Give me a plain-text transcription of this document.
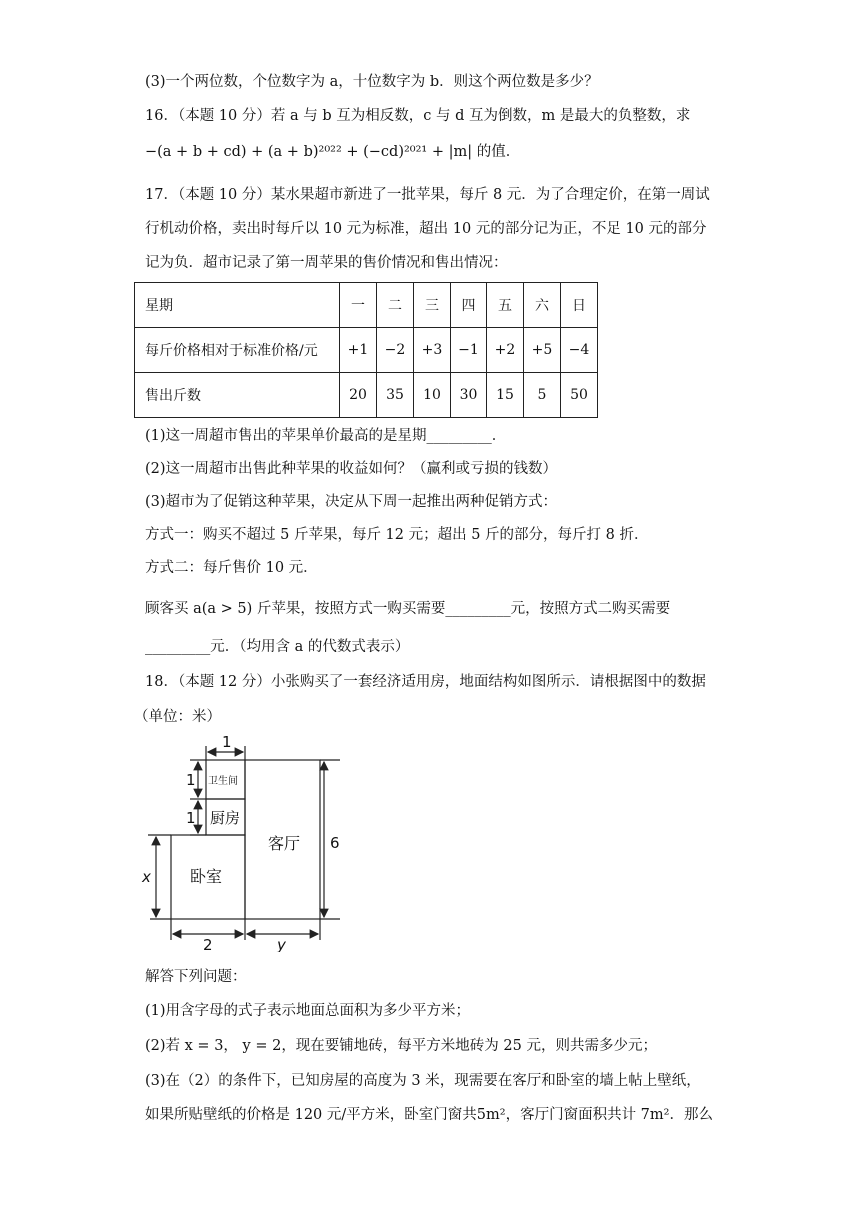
(3)一个两位数，个位数字为 a，十位数字为 b．则这个两位数是多少？
16．（本题 10 分）若 a 与 b 互为相反数，c 与 d 互为倒数，m 是最大的负整数，求
−(a + b + cd) + (a + b)²⁰²² + (−cd)²⁰²¹ + |m| 的值．
17．（本题 10 分）某水果超市新进了一批苹果，每斤 8 元．为了合理定价，在第一周试
行机动价格，卖出时每斤以 10 元为标准，超出 10 元的部分记为正，不足 10 元的部分
记为负．超市记录了第一周苹果的售价情况和售出情况：
星期	一	二	三	四	五	六	日
每斤价格相对于标准价格/元	+1	−2	+3	−1	+2	+5	−4
售出斤数	20	35	10	30	15	5	50
(1)这一周超市售出的苹果单价最高的是星期_________．
(2)这一周超市出售此种苹果的收益如何？（赢利或亏损的钱数）
(3)超市为了促销这种苹果，决定从下周一起推出两种促销方式：
方式一：购买不超过 5 斤苹果，每斤 12 元；超出 5 斤的部分，每斤打 8 折．
方式二：每斤售价 10 元．
顾客买 a(a > 5) 斤苹果，按照方式一购买需要_________元，按照方式二购买需要
_________元．（均用含 a 的代数式表示）
18．（本题 12 分）小张购买了一套经济适用房，地面结构如图所示．请根据图中的数据
（单位：米）
1
1
1
x
6
2	y
卫生间
厨房
客厅
卧室
解答下列问题：
(1)用含字母的式子表示地面总面积为多少平方米；
(2)若 x = 3， y = 2，现在要铺地砖，每平方米地砖为 25 元，则共需多少元；
(3)在（2）的条件下，已知房屋的高度为 3 米，现需要在客厅和卧室的墙上帖上壁纸，
如果所贴壁纸的价格是 120 元/平方米，卧室门窗共5m²，客厅门窗面积共计 7m²．那么
